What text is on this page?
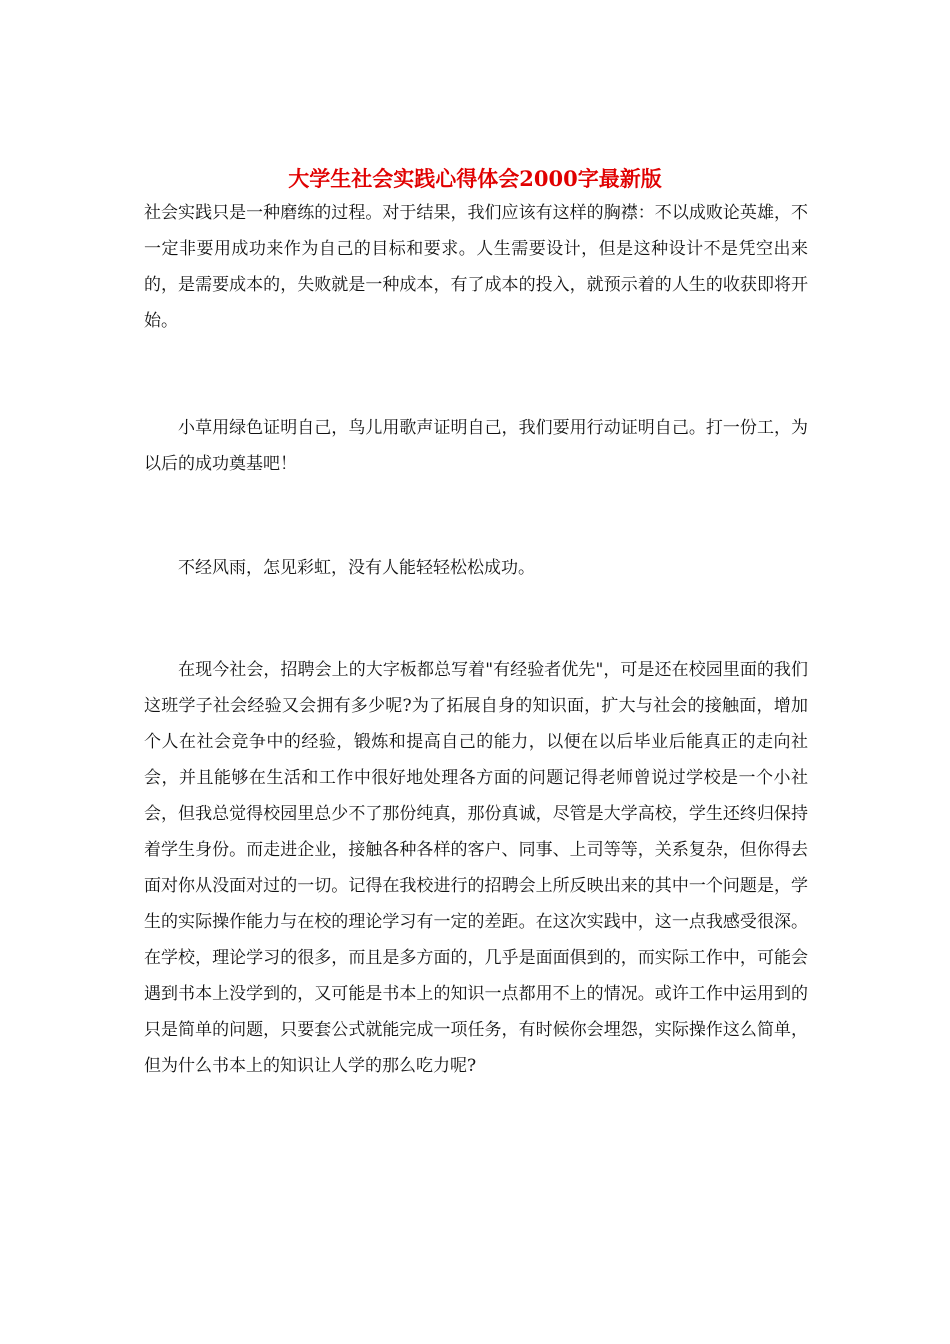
大学生社会实践心得体会2000字最新版

社会实践只是一种磨练的过程。对于结果，我们应该有这样的胸襟：不以成败论英雄，不一定非要用成功来作为自己的目标和要求。人生需要设计，但是这种设计不是凭空出来的，是需要成本的，失败就是一种成本，有了成本的投入，就预示着的人生的收获即将开始。

　　小草用绿色证明自己，鸟儿用歌声证明自己，我们要用行动证明自己。打一份工，为以后的成功奠基吧！

　　不经风雨，怎见彩虹，没有人能轻轻松松成功。

　　在现今社会，招聘会上的大字板都总写着"有经验者优先"，可是还在校园里面的我们这班学子社会经验又会拥有多少呢?为了拓展自身的知识面，扩大与社会的接触面，增加个人在社会竞争中的经验，锻炼和提高自己的能力，以便在以后毕业后能真正的走向社会，并且能够在生活和工作中很好地处理各方面的问题记得老师曾说过学校是一个小社会，但我总觉得校园里总少不了那份纯真，那份真诚，尽管是大学高校，学生还终归保持着学生身份。而走进企业，接触各种各样的客户、同事、上司等等，关系复杂，但你得去面对你从没面对过的一切。记得在我校进行的招聘会上所反映出来的其中一个问题是，学生的实际操作能力与在校的理论学习有一定的差距。在这次实践中，这一点我感受很深。在学校，理论学习的很多，而且是多方面的，几乎是面面俱到的，而实际工作中，可能会遇到书本上没学到的，又可能是书本上的知识一点都用不上的情况。或许工作中运用到的只是简单的问题，只要套公式就能完成一项任务，有时候你会埋怨，实际操作这么简单，但为什么书本上的知识让人学的那么吃力呢?
